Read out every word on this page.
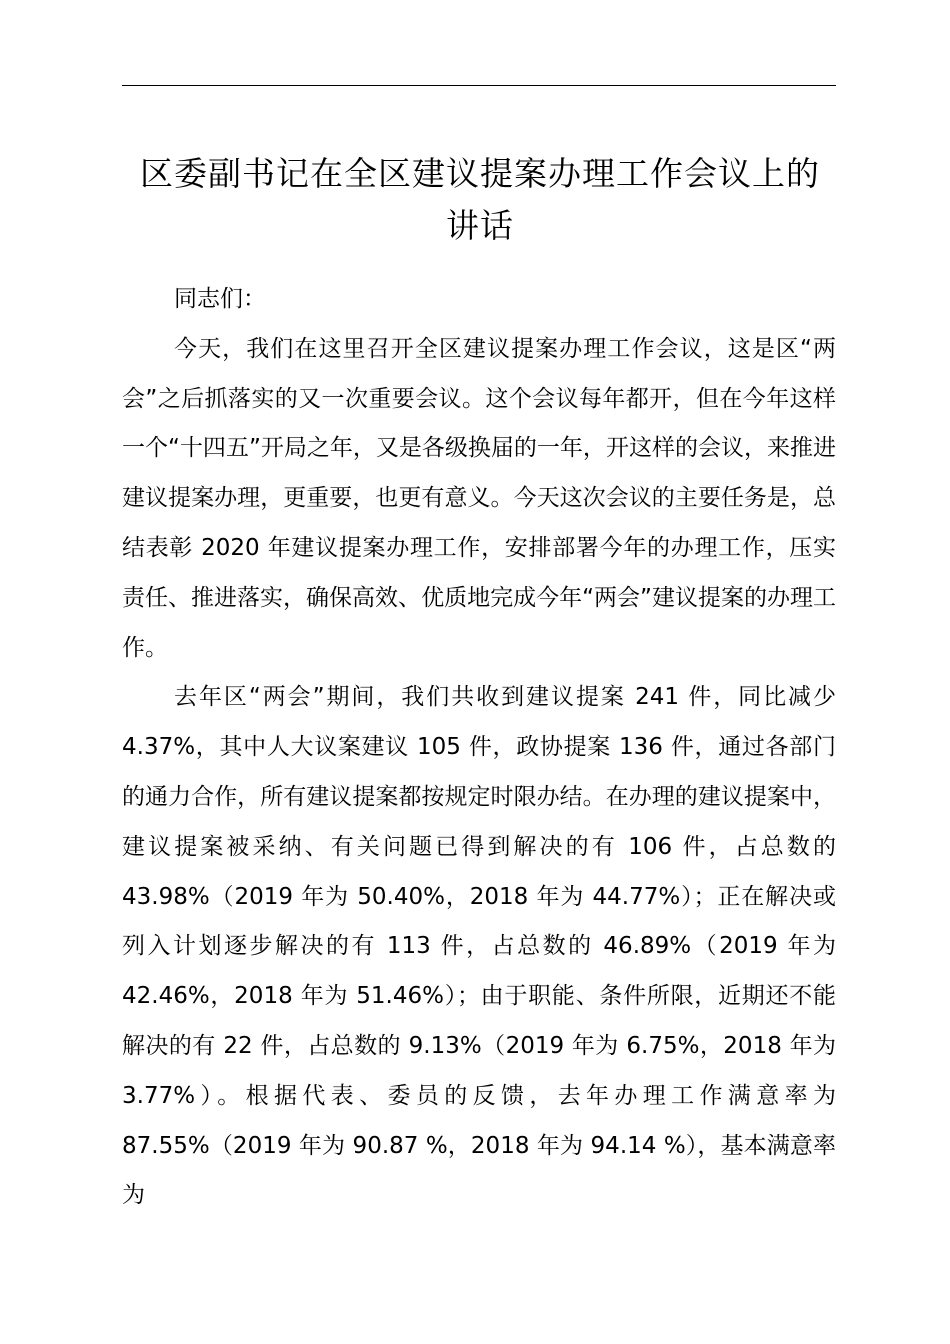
区委副书记在全区建议提案办理工作会议上的
讲话

同志们：

今天，我们在这里召开全区建议提案办理工作会议，这是区“两会”之后抓落实的又一次重要会议。这个会议每年都开，但在今年这样一个“十四五”开局之年，又是各级换届的一年，开这样的会议，来推进建议提案办理，更重要，也更有意义。今天这次会议的主要任务是，总结表彰 2020 年建议提案办理工作，安排部署今年的办理工作，压实责任、推进落实，确保高效、优质地完成今年“两会”建议提案的办理工作。

去年区“两会”期间，我们共收到建议提案 241 件，同比减少 4.37%，其中人大议案建议 105 件，政协提案 136 件，通过各部门的通力合作，所有建议提案都按规定时限办结。在办理的建议提案中，建议提案被采纳、有关问题已得到解决的有 106 件，占总数的 43.98%（2019 年为 50.40%，2018 年为 44.77%）；正在解决或列入计划逐步解决的有 113 件，占总数的 46.89%（2019 年为 42.46%，2018 年为 51.46%）；由于职能、条件所限，近期还不能解决的有 22 件，占总数的 9.13%（2019 年为 6.75%，2018 年为 3.77%）。根据代表、委员的反馈，去年办理工作满意率为 87.55%（2019 年为 90.87 %，2018 年为 94.14 %），基本满意率为
